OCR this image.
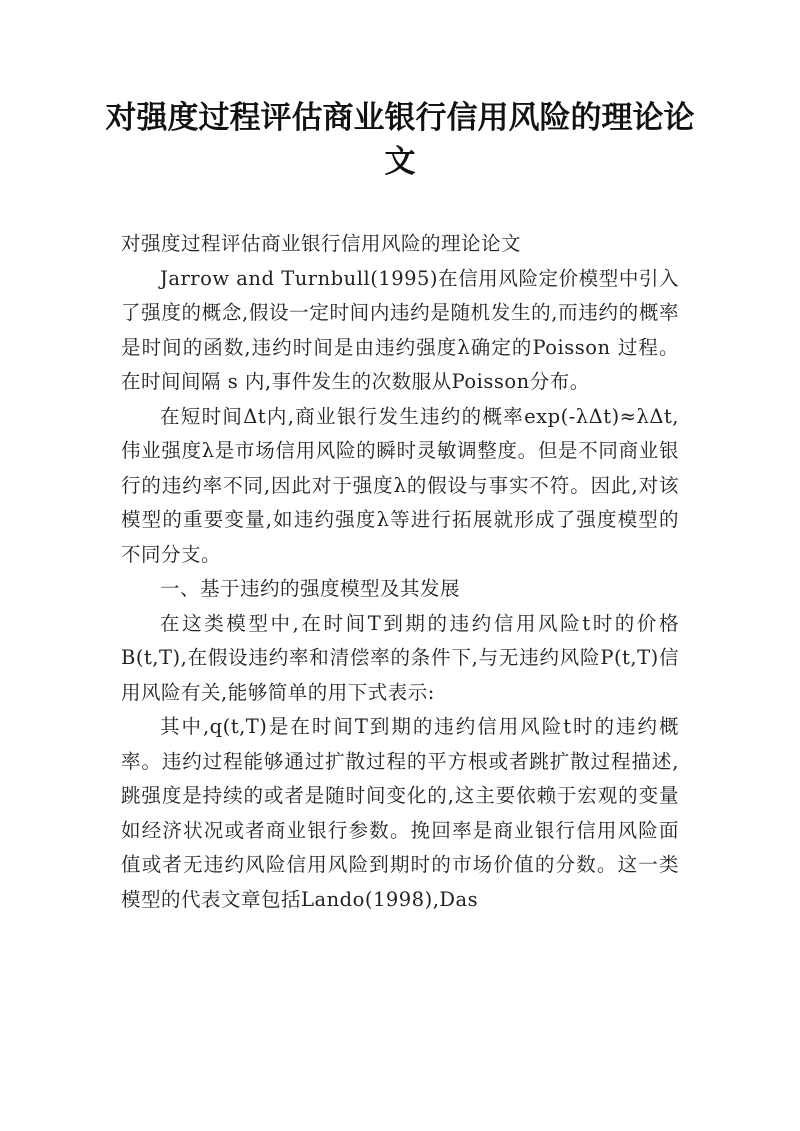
对强度过程评估商业银行信用风险的理论论文

对强度过程评估商业银行信用风险的理论论文

Jarrow and Turnbull(1995)在信用风险定价模型中引入了强度的概念,假设一定时间内违约是随机发生的,而违约的概率是时间的函数,违约时间是由违约强度λ确定的Poisson 过程。在时间间隔 s 内,事件发生的次数服从Poisson分布。

在短时间Δt内,商业银行发生违约的概率exp(-λΔt)≈λΔt,伟业强度λ是市场信用风险的瞬时灵敏调整度。但是不同商业银行的违约率不同,因此对于强度λ的假设与事实不符。因此,对该模型的重要变量,如违约强度λ等进行拓展就形成了强度模型的不同分支。

一、基于违约的强度模型及其发展

在这类模型中,在时间T到期的违约信用风险t时的价格B(t,T),在假设违约率和清偿率的条件下,与无违约风险P(t,T)信用风险有关,能够简单的用下式表示:

其中,q(t,T)是在时间T到期的违约信用风险t时的违约概率。违约过程能够通过扩散过程的平方根或者跳扩散过程描述,跳强度是持续的或者是随时间变化的,这主要依赖于宏观的变量如经济状况或者商业银行参数。挽回率是商业银行信用风险面值或者无违约风险信用风险到期时的市场价值的分数。这一类模型的代表文章包括Lando(1998),Das
